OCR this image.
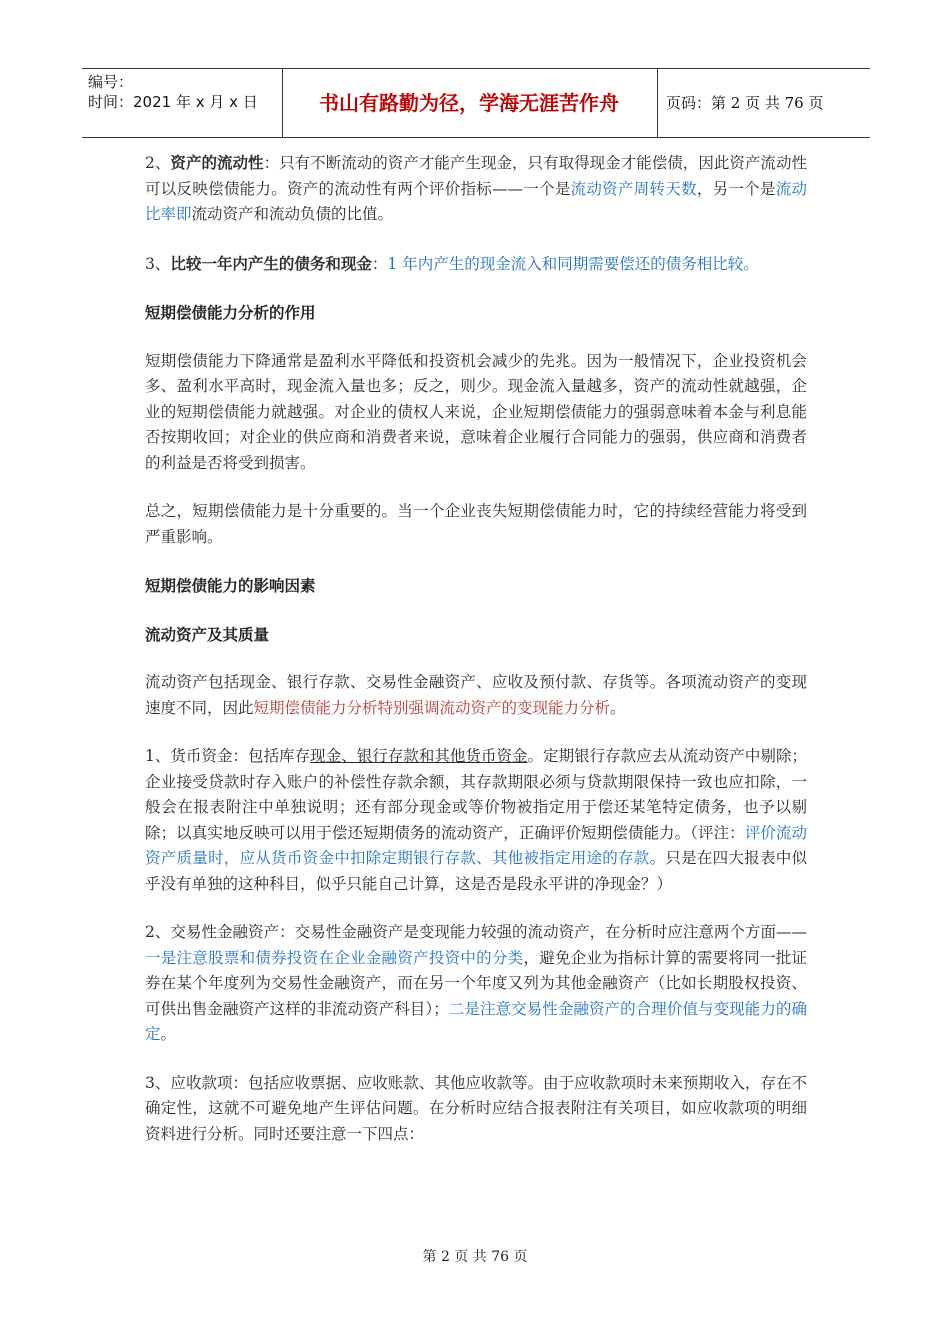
编号：
时间：2021 年 x 月 x 日	书山有路勤为径，学海无涯苦作舟	页码：第 2 页 共 76 页

2、资产的流动性：只有不断流动的资产才能产生现金，只有取得现金才能偿债，因此资产流动性可以反映偿债能力。资产的流动性有两个评价指标——一个是流动资产周转天数，另一个是流动比率即流动资产和流动负债的比值。

3、比较一年内产生的债务和现金：1 年内产生的现金流入和同期需要偿还的债务相比较。

短期偿债能力分析的作用

短期偿债能力下降通常是盈利水平降低和投资机会减少的先兆。因为一般情况下，企业投资机会多、盈利水平高时，现金流入量也多；反之，则少。现金流入量越多，资产的流动性就越强，企业的短期偿债能力就越强。对企业的债权人来说，企业短期偿债能力的强弱意味着本金与利息能否按期收回；对企业的供应商和消费者来说，意味着企业履行合同能力的强弱，供应商和消费者的利益是否将受到损害。

总之，短期偿债能力是十分重要的。当一个企业丧失短期偿债能力时，它的持续经营能力将受到严重影响。

短期偿债能力的影响因素

流动资产及其质量

流动资产包括现金、银行存款、交易性金融资产、应收及预付款、存货等。各项流动资产的变现速度不同，因此短期偿债能力分析特别强调流动资产的变现能力分析。

1、货币资金：包括库存现金、银行存款和其他货币资金。定期银行存款应去从流动资产中剔除；企业接受贷款时存入账户的补偿性存款余额，其存款期限必须与贷款期限保持一致也应扣除，一般会在报表附注中单独说明；还有部分现金或等价物被指定用于偿还某笔特定债务，也予以剔除；以真实地反映可以用于偿还短期债务的流动资产，正确评价短期偿债能力。（评注：评价流动资产质量时，应从货币资金中扣除定期银行存款、其他被指定用途的存款。只是在四大报表中似乎没有单独的这种科目，似乎只能自己计算，这是否是段永平讲的净现金？）

2、交易性金融资产：交易性金融资产是变现能力较强的流动资产，在分析时应注意两个方面——一是注意股票和债券投资在企业金融资产投资中的分类，避免企业为指标计算的需要将同一批证券在某个年度列为交易性金融资产，而在另一个年度又列为其他金融资产（比如长期股权投资、可供出售金融资产这样的非流动资产科目）；二是注意交易性金融资产的合理价值与变现能力的确定。

3、应收款项：包括应收票据、应收账款、其他应收款等。由于应收款项时未来预期收入，存在不确定性，这就不可避免地产生评估问题。在分析时应结合报表附注有关项目，如应收款项的明细资料进行分析。同时还要注意一下四点：

第 2 页 共 76 页
